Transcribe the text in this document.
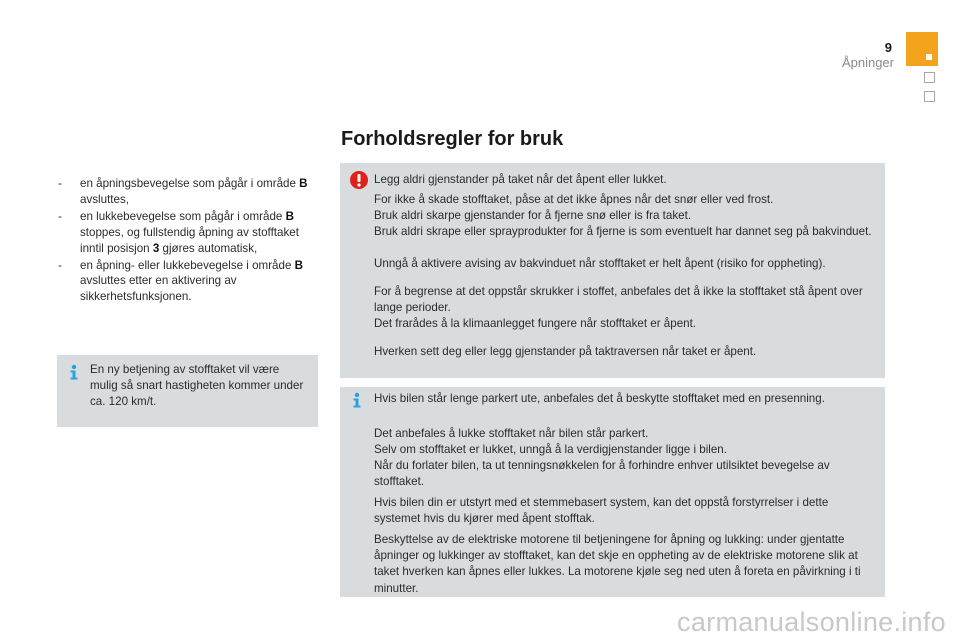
9
Åpninger
Forholdsregler for bruk
- en åpningsbevegelse som pågår i område B avsluttes,
- en lukkebevegelse som pågår i område B stoppes, og fullstendig åpning av stofftaket inntil posisjon 3 gjøres automatisk,
- en åpning- eller lukkebevegelse i område B avsluttes etter en aktivering av sikkerhetsfunksjonen.
En ny betjening av stofftaket vil være mulig så snart hastigheten kommer under ca. 120 km/t.

Legg aldri gjenstander på taket når det åpent eller lukket.

For ikke å skade stofftaket, påse at det ikke åpnes når det snør eller ved frost.

Bruk aldri skarpe gjenstander for å fjerne snø eller is fra taket.

Bruk aldri skrape eller sprayprodukter for å fjerne is som eventuelt har dannet seg på bakvinduet.

Unngå å aktivere avising av bakvinduet når stofftaket er helt åpent (risiko for oppheting).

For å begrense at det oppstår skrukker i stoffet, anbefales det å ikke la stofftaket stå åpent over lange perioder.

Det frarådes å la klimaanlegget fungere når stofftaket er åpent.

Hverken sett deg eller legg gjenstander på taktraversen når taket er åpent.

Hvis bilen står lenge parkert ute, anbefales det å beskytte stofftaket med en presenning.

Det anbefales å lukke stofftaket når bilen står parkert.

Selv om stofftaket er lukket, unngå å la verdigjenstander ligge i bilen.

Når du forlater bilen, ta ut tenningsnøkkelen for å forhindre enhver utilsiktet bevegelse av stofftaket.

Hvis bilen din er utstyrt med et stemmebasert system, kan det oppstå forstyrrelser i dette systemet hvis du kjører med åpent stofftak.

Beskyttelse av de elektriske motorene til betjeningene for åpning og lukking: under gjentatte åpninger og lukkinger av stofftaket, kan det skje en oppheting av de elektriske motorene slik at taket hverken kan åpnes eller lukkes. La motorene kjøle seg ned uten å foreta en påvirkning i ti minutter.

carmanualsonline.info
